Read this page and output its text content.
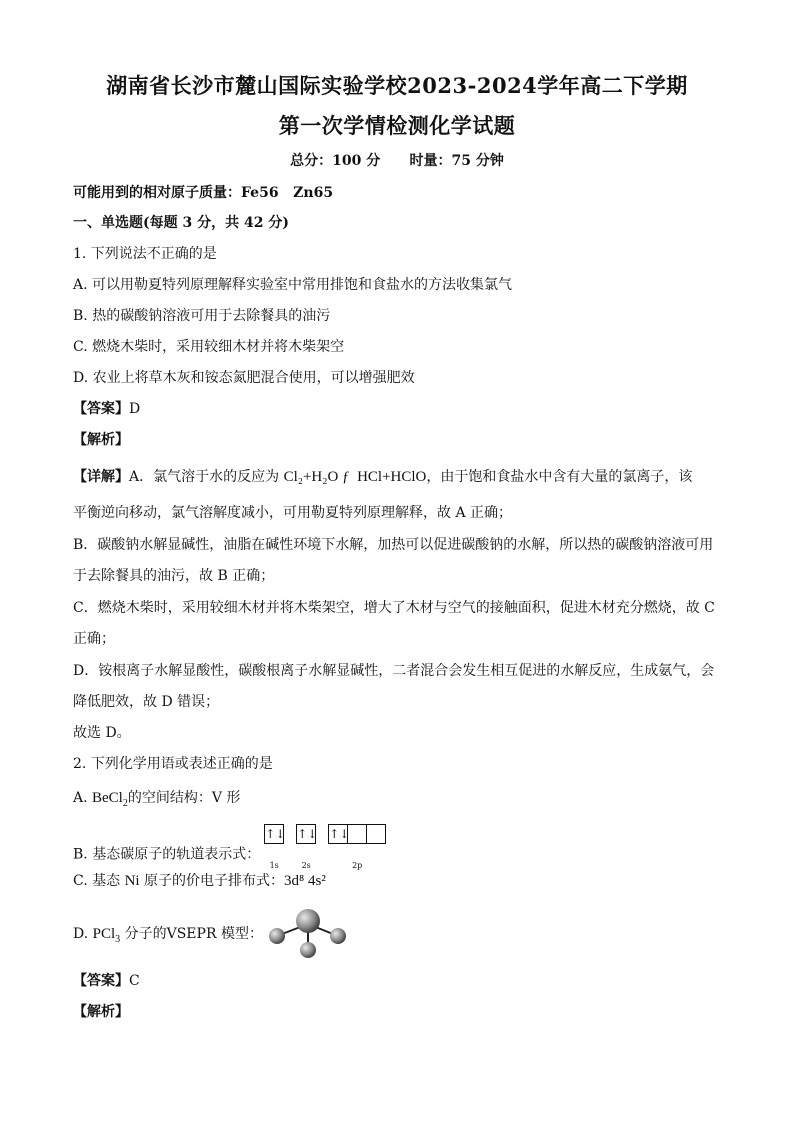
湖南省长沙市麓山国际实验学校2023-2024学年高二下学期
第一次学情检测化学试题
总分：100 分      时量：75 分钟
可能用到的相对原子质量：Fe56   Zn65
一、单选题(每题 3 分，共 42 分)
1. 下列说法不正确的是
A. 可以用勒夏特列原理解释实验室中常用排饱和食盐水的方法收集氯气
B. 热的碳酸钠溶液可用于去除餐具的油污
C. 燃烧木柴时，采用较细木材并将木柴架空
D. 农业上将草木灰和铵态氮肥混合使用，可以增强肥效
【答案】D
【解析】
【详解】A．氯气溶于水的反应为 Cl₂+H₂O ƒ  HCl+HClO，由于饱和食盐水中含有大量的氯离子，该
平衡逆向移动，氯气溶解度减小，可用勒夏特列原理解释，故 A 正确；
B．碳酸钠水解显碱性，油脂在碱性环境下水解，加热可以促进碳酸钠的水解，所以热的碳酸钠溶液可用
于去除餐具的油污，故 B 正确；
C．燃烧木柴时，采用较细木材并将木柴架空，增大了木材与空气的接触面积，促进木材充分燃烧，故 C
正确；
D．铵根离子水解显酸性，碳酸根离子水解显碱性，二者混合会发生相互促进的水解反应，生成氨气，会
降低肥效，故 D 错误；
故选 D。
2. 下列化学用语或表述正确的是
A. BeCl$_2$的空间结构：V 形
B. 基态碳原子的轨道表示式：
↑↓
1s
↑↓
2s
↑↓
2p
C. 基态 Ni 原子的价电子排布式：3d⁸ 4s²
D. PCl$_3$ 分子的VSEPR 模型：
【答案】C
【解析】
